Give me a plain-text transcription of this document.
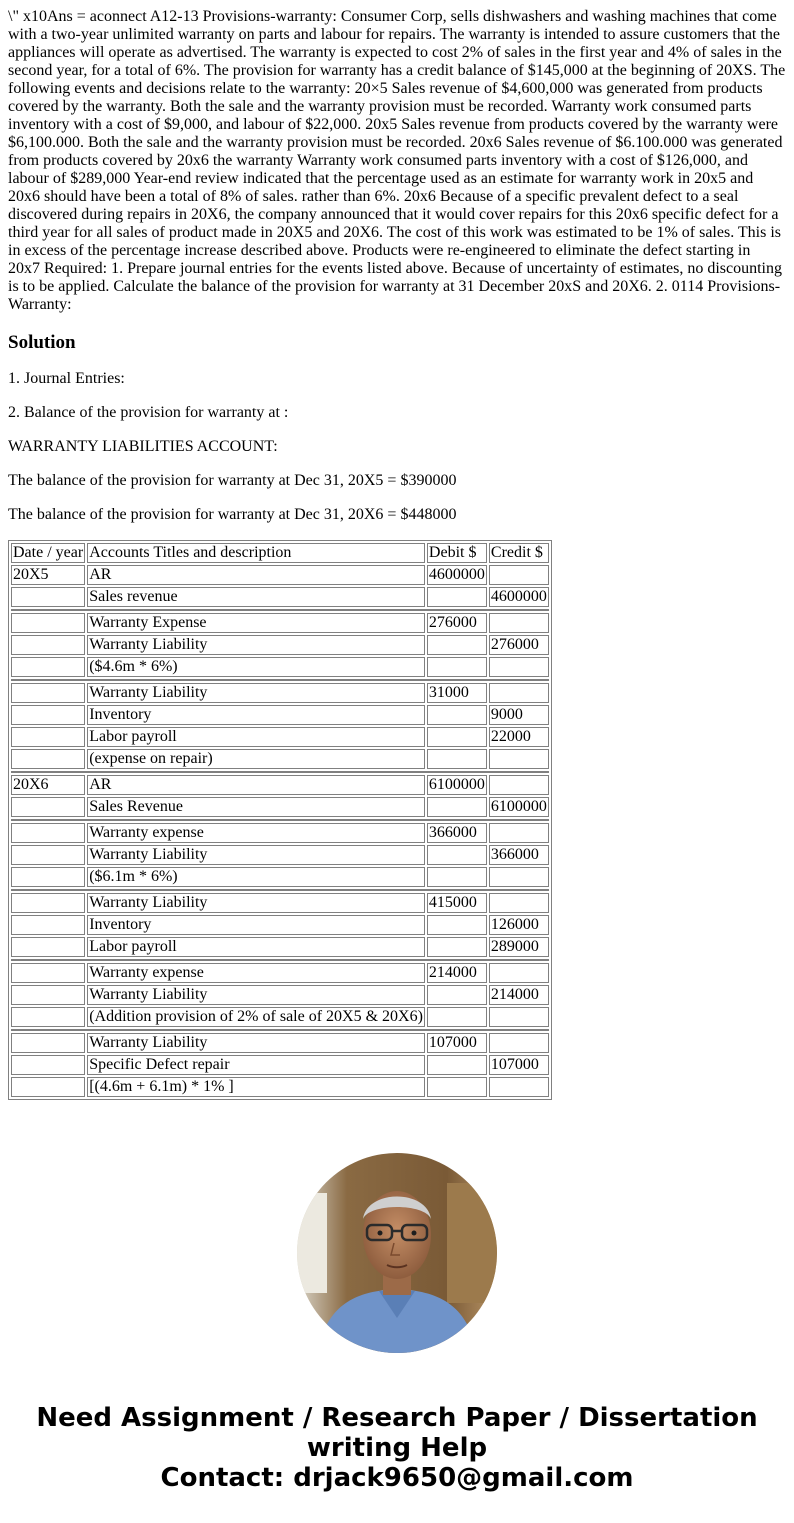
\" x10Ans = aconnect A12-13 Provisions-warranty: Consumer Corp, sells dishwashers and washing machines that come with a two-year unlimited warranty on parts and labour for repairs. The warranty is intended to assure customers that the appliances will operate as advertised. The warranty is expected to cost 2% of sales in the first year and 4% of sales in the second year, for a total of 6%. The provision for warranty has a credit balance of $145,000 at the beginning of 20XS. The following events and decisions relate to the warranty: 20×5 Sales revenue of $4,600,000 was generated from products covered by the warranty. Both the sale and the warranty provision must be recorded. Warranty work consumed parts inventory with a cost of $9,000, and labour of $22,000. 20x5 Sales revenue from products covered by the warranty were $6,100.000. Both the sale and the warranty provision must be recorded. 20x6 Sales revenue of $6.100.000 was generated from products covered by 20x6 the warranty Warranty work consumed parts inventory with a cost of $126,000, and labour of $289,000 Year-end review indicated that the percentage used as an estimate for warranty work in 20x5 and 20x6 should have been a total of 8% of sales. rather than 6%. 20x6 Because of a specific prevalent defect to a seal discovered during repairs in 20X6, the company announced that it would cover repairs for this 20x6 specific defect for a third year for all sales of product made in 20X5 and 20X6. The cost of this work was estimated to be 1% of sales. This is in excess of the percentage increase described above. Products were re-engineered to eliminate the defect starting in 20x7 Required: 1. Prepare journal entries for the events listed above. Because of uncertainty of estimates, no discounting is to be applied. Calculate the balance of the provision for warranty at 31 December 20xS and 20X6. 2. 0114 Provisions-Warranty:

Solution

1. Journal Entries:

2. Balance of the provision for warranty at :

WARRANTY LIABILITIES ACCOUNT:

The balance of the provision for warranty at Dec 31, 20X5 = $390000

The balance of the provision for warranty at Dec 31, 20X6 = $448000

Date / year	Accounts Titles and description	Debit $	Credit $
20X5	AR	4600000	
	Sales revenue		4600000

	Warranty Expense	276000	
	Warranty Liability		276000
	($4.6m * 6%)		

	Warranty Liability	31000	
	Inventory		9000
	Labor payroll		22000
	(expense on repair)		

20X6	AR	6100000	
	Sales Revenue		6100000

	Warranty expense	366000	
	Warranty Liability		366000
	($6.1m * 6%)		

	Warranty Liability	415000	
	Inventory		126000
	Labor payroll		289000

	Warranty expense	214000	
	Warranty Liability		214000
	(Addition provision of 2% of sale of 20X5 & 20X6)		

	Warranty Liability	107000	
	Specific Defect repair		107000
	[(4.6m + 6.1m) * 1% ]		
Need Assignment / Research Paper / Dissertation
writing Help
Contact: drjack9650@gmail.com
